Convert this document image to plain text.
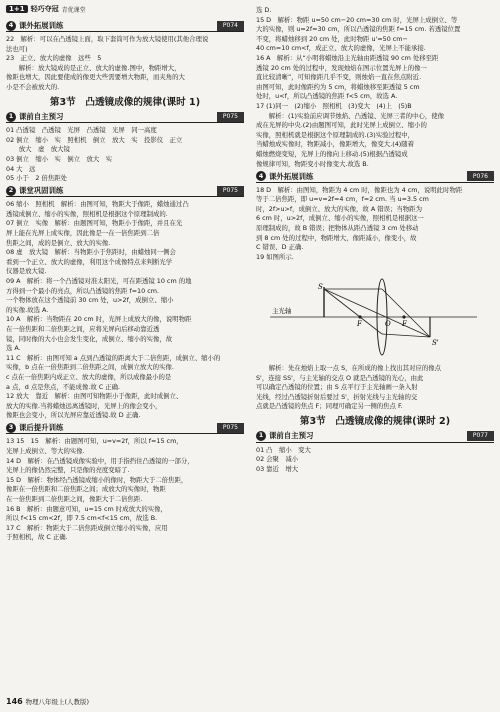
1+1 轻巧夺冠 青优课堂
4 课外拓展训练	P074

22　解析：可以在凸透镜上面，取下套筒可作为放大镜使用(其他合理说

法也可)

23　正立、放大的虚像　远些　5

　　解析：放大镜成的是正立、放大的虚像.图中，物距增大，

像距也增大，因此要使成的像更大些需要增大物距，而夹角的大

小是不会被放大的.

第3节　凸透镜成像的规律(课时 1)
1 课前自主预习	P075

01 凸透镜　凸透镜　光屏　凸透镜　光屏　同一高度

02 倒立　缩小　实　照相机　倒立　放大　实　投影仪　正立

　　放大　虚　放大镜

03 倒立　缩小　实　倒立　放大　实

04 大　远

05 小于　2 倍焦距处

2 课堂巩固训练	P075

06 缩小　照相机　解析：由图可知，物距大于像距，蜡烛通过凸

透镜成倒立、缩小的实像，照相机是根据这个原理制成的.

07 倒立　实像　解析：由题图可知，物距小于像距，并且在光

屏上能在光屏上成实像，因此像是一在一倍焦距到二倍

焦距之间，成的是倒立、放大的实像.

08 虚　放大镜　解析：当物距小于焦距时，由蜡烛同一侧会

看到一个正立、放大的虚像，利用这个成像特点来判断光学

仪器是放大镜.

09 A　解析：将一个凸透镜对准太阳光，可在距透镜 10 cm 的地

方得到一个最小的亮点，所以凸透镜的焦距 f=10 cm.

一个物体放在这个透镜前 30 cm 处，u>2f，成倒立、缩小

的实像.故选 A.

10 A　解析：当物距在 20 cm 时，光屏上成放大的像，说明物距

在一倍焦距和二倍焦距之间，应将光屏向后移动靠近透

镜，同时像的大小也会发生变化，成倒立、缩小的实像，故

选 A.

11 C　解析：由图可知 a 点到凸透镜的距离大于二倍焦距，成倒立、缩小的

实像，b 点在一倍焦距到二倍焦距之间，成倒立放大的实像.

c 点在一倍焦距内成正立、放大的虚像，所以成像最小的是

a 点，d 点是焦点，不能成像.故 C 正确.

12 放大　靠近　解析：由图可知物距小于像距，此时成倒立、

放大的实像.当将蜡烛远离透镜时，光屏上的像会变小，

像距也会变小，所以光屏应靠近透镜.故 D 正确.

3 课后提升训练	P075

13 15　15　解析：由题图可知，u=v=2f，所以 f=15 cm，

光屏上成倒立、等大的实像.

14 D　解析：在凸透镜成像实验中，用手指挡住凸透镜的一部分，

光屏上的像仍然完整，只是像的亮度变暗了.

15 D　解析：物体经凸透镜成缩小的像时，物距大于二倍焦距，

像距在一倍焦距和二倍焦距之间；成放大的实像时，物距

在一倍焦距到二倍焦距之间，像距大于二倍焦距.

16 B　解析：由题意可知，u=15 cm 时成放大的实像，

所以 f<15 cm<2f，即 7.5 cm<f<15 cm，故选 B.

17 C　解析：物距大于二倍焦距成倒立缩小的实像，应用

于照相机，故 C 正确.

选 D.

15 D　解析：物距 u=50 cm−20 cm=30 cm 时，光屏上成倒立、等

大的实像，则 u=2f=30 cm，所以凸透镜的焦距 f=15 cm. 若透镜位置

不变，将蜡烛移到 20 cm 处，此时物距 u'=50 cm−

40 cm=10 cm<f，成正立、放大的虚像，光屏上不能承接.

16 A　解析：从“小明将蜡烛沿主光轴由距透镜 90 cm 处移至距

透镜 20 cm 处的过程中，发现烛焰在图示位置光屏上的像一

直比较清晰”，可知像距几乎不变，则烛焰一直在焦点附近.

由图可知，此时像距约为 5 cm，将蜡烛移至距透镜 5 cm

处时，u<f，所以凸透镜的焦距 f<5 cm，故选 A.

17 (1)同一　(2)缩小　照相机　(3)变大　(4)上　(5)B

　　解析：(1)实验前应调节烛焰、凸透镜、光屏三者的中心，使像

成在光屏的中央.(2)由题图可知，此时光屏上成倒立、缩小的

实像，照相机就是根据这个原理制成的.(3)实验过程中，

当蜡烛成实像时，物距减小，像距增大，像变大.(4)随着

蜡烛燃烧变短，光屏上的像向上移动.(5)根据凸透镜成

像规律可知，物距变小时像变大.故选 B.

4 课外拓展训练	P076

18 D　解析：由图知，物距为 4 cm 时，像距也为 4 cm，说明此时物距

等于二倍焦距，即 u=v=2f=4 cm，f=2 cm. 当 u=3.5 cm

时，2f>u>f，成倒立、放大的实像，故 A 错误；当物距为

6 cm 时，u>2f，成倒立、缩小的实像，照相机是根据这一

原理制成的，故 B 错误；把物体从距凸透镜 3 cm 处移动

到 8 cm 处的过程中，物距增大，像距减小，像变小，故

C 错误、D 正确.

19 如图所示.

S
S'
F	F
O
主光轴

　　解析：先在烛焰上取一点 S，在所成的像上找出其对应的像点

S'，连接 SS'，与主光轴的交点 O 就是凸透镜的光心，由此

可以确定凸透镜的位置；由 S 点平行于主光轴画一条入射

光线，经过凸透镜折射后要过 S'，折射光线与主光轴的交

点就是凸透镜的焦点 F；同理可确定另一侧的焦点 F.

第3节　凸透镜成像的规律(课时 2)
1 课前自主预习	P077

01 凸　缩小　变大

02 会聚　减小

03 靠近　增大

146 物理八年级上(人教版)
